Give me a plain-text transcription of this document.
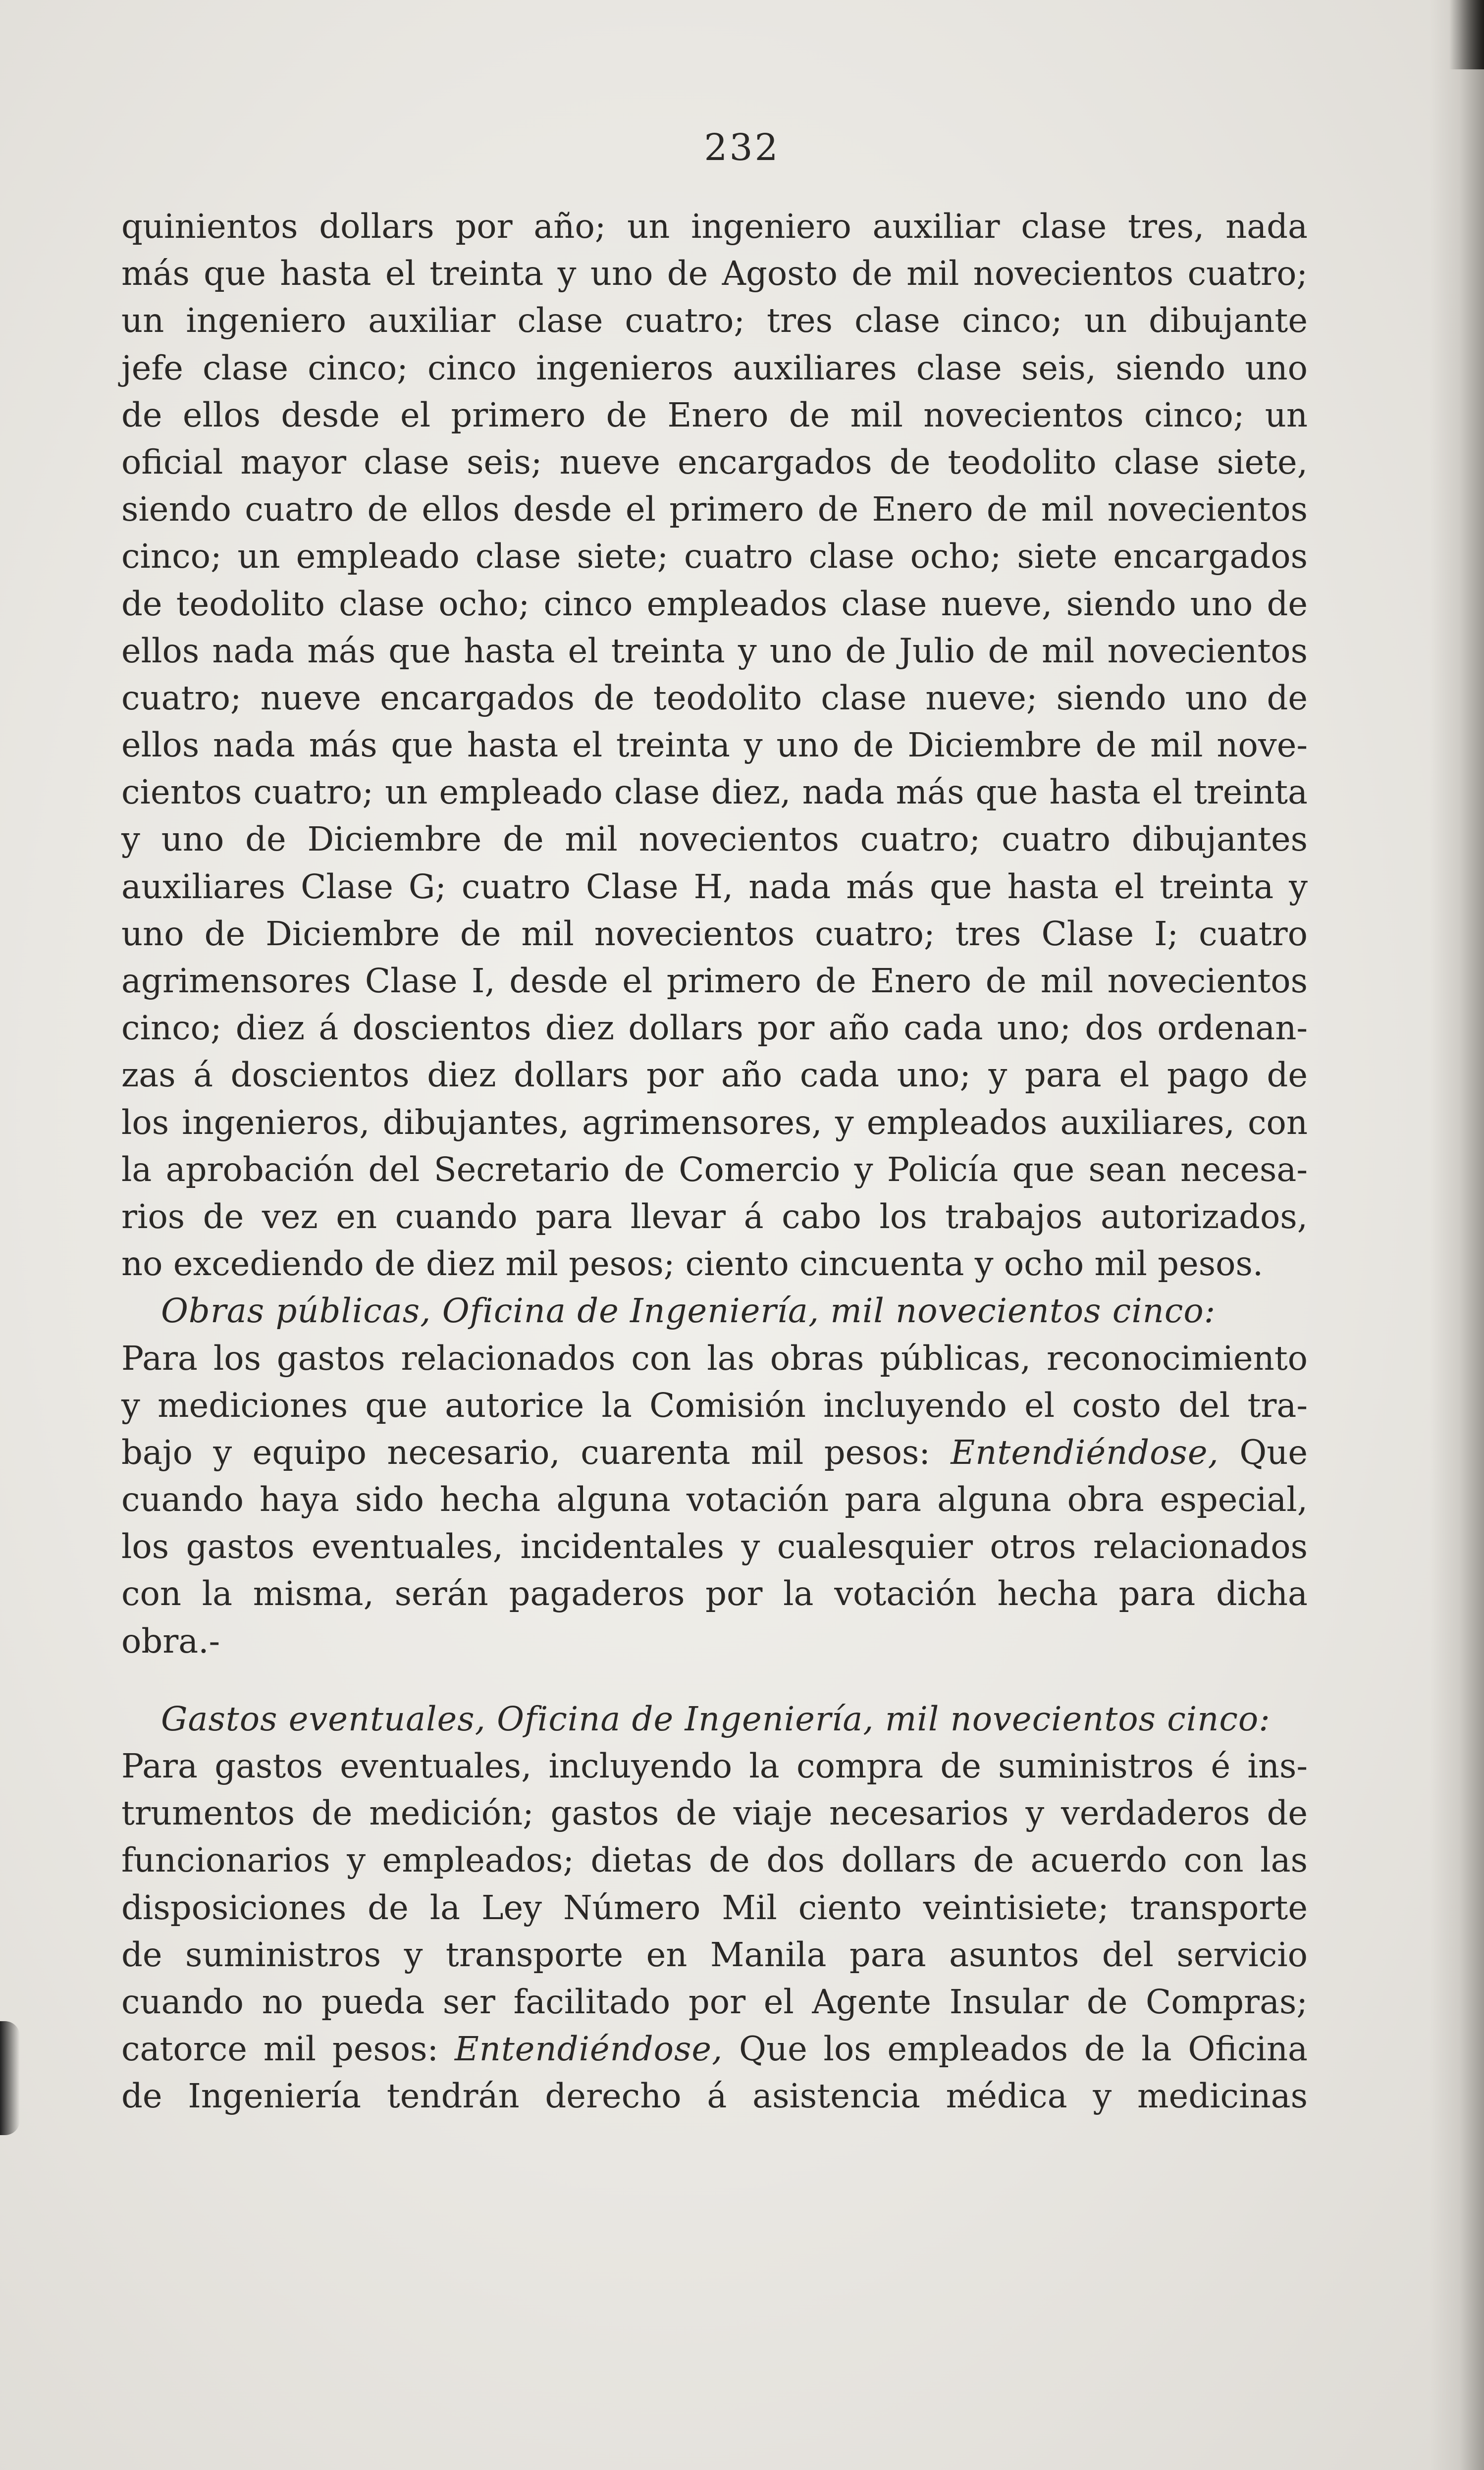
232
quinientos dollars por año; un ingeniero auxiliar clase tres, nada
más que hasta el treinta y uno de Agosto de mil novecientos cuatro;
un ingeniero auxiliar clase cuatro; tres clase cinco; un dibujante
jefe clase cinco; cinco ingenieros auxiliares clase seis, siendo uno
de ellos desde el primero de Enero de mil novecientos cinco; un
oficial mayor clase seis; nueve encargados de teodolito clase siete,
siendo cuatro de ellos desde el primero de Enero de mil novecientos
cinco; un empleado clase siete; cuatro clase ocho; siete encargados
de teodolito clase ocho; cinco empleados clase nueve, siendo uno de
ellos nada más que hasta el treinta y uno de Julio de mil novecientos
cuatro; nueve encargados de teodolito clase nueve; siendo uno de
ellos nada más que hasta el treinta y uno de Diciembre de mil nove-
cientos cuatro; un empleado clase diez, nada más que hasta el treinta
y uno de Diciembre de mil novecientos cuatro; cuatro dibujantes
auxiliares Clase G; cuatro Clase H, nada más que hasta el treinta y
uno de Diciembre de mil novecientos cuatro; tres Clase I; cuatro
agrimensores Clase I, desde el primero de Enero de mil novecientos
cinco; diez á doscientos diez dollars por año cada uno; dos ordenan-
zas á doscientos diez dollars por año cada uno; y para el pago de
los ingenieros, dibujantes, agrimensores, y empleados auxiliares, con
la aprobación del Secretario de Comercio y Policía que sean necesa-
rios de vez en cuando para llevar á cabo los trabajos autorizados,
no excediendo de diez mil pesos; ciento cincuenta y ocho mil pesos.
Obras públicas, Oficina de Ingeniería, mil novecientos cinco:
Para los gastos relacionados con las obras públicas, reconocimiento
y mediciones que autorice la Comisión incluyendo el costo del tra-
bajo y equipo necesario, cuarenta mil pesos: Entendiéndose, Que
cuando haya sido hecha alguna votación para alguna obra especial,
los gastos eventuales, incidentales y cualesquier otros relacionados
con la misma, serán pagaderos por la votación hecha para dicha
obra.-
Gastos eventuales, Oficina de Ingeniería, mil novecientos cinco:
Para gastos eventuales, incluyendo la compra de suministros é ins-
trumentos de medición; gastos de viaje necesarios y verdaderos de
funcionarios y empleados; dietas de dos dollars de acuerdo con las
disposiciones de la Ley Número Mil ciento veintisiete; transporte
de suministros y transporte en Manila para asuntos del servicio
cuando no pueda ser facilitado por el Agente Insular de Compras;
catorce mil pesos: Entendiéndose, Que los empleados de la Oficina
de Ingeniería tendrán derecho á asistencia médica y medicinas
